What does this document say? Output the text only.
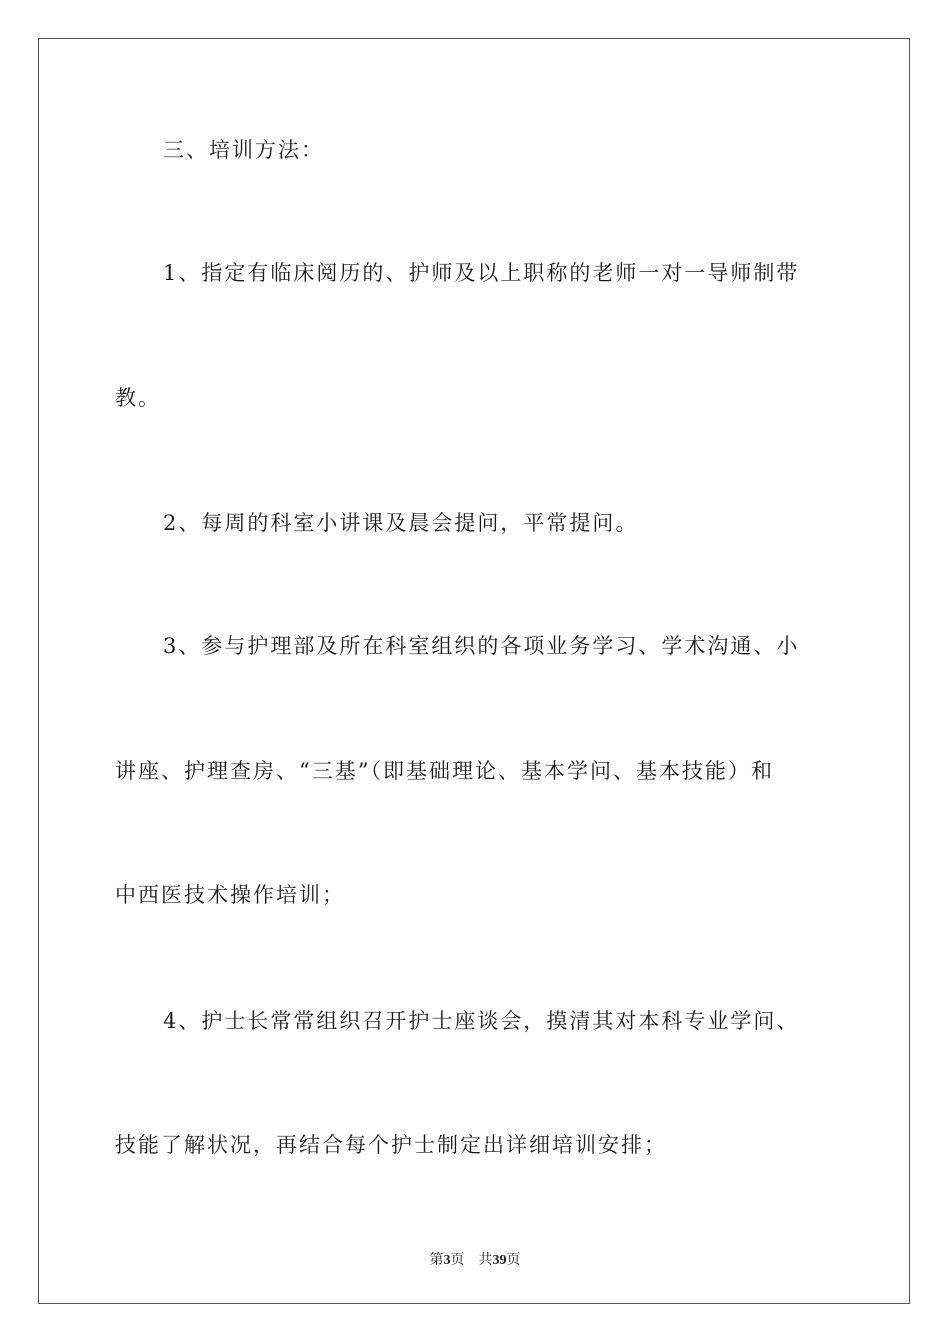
三、培训方法：
1、指定有临床阅历的、护师及以上职称的老师一对一导师制带
教。
2、每周的科室小讲课及晨会提问，平常提问。
3、参与护理部及所在科室组织的各项业务学习、学术沟通、小
讲座、护理查房、“三基”（即基础理论、基本学问、基本技能）和
中西医技术操作培训；
4、护士长常常组织召开护士座谈会，摸清其对本科专业学问、
技能了解状况，再结合每个护士制定出详细培训安排；
第3页 共39页
